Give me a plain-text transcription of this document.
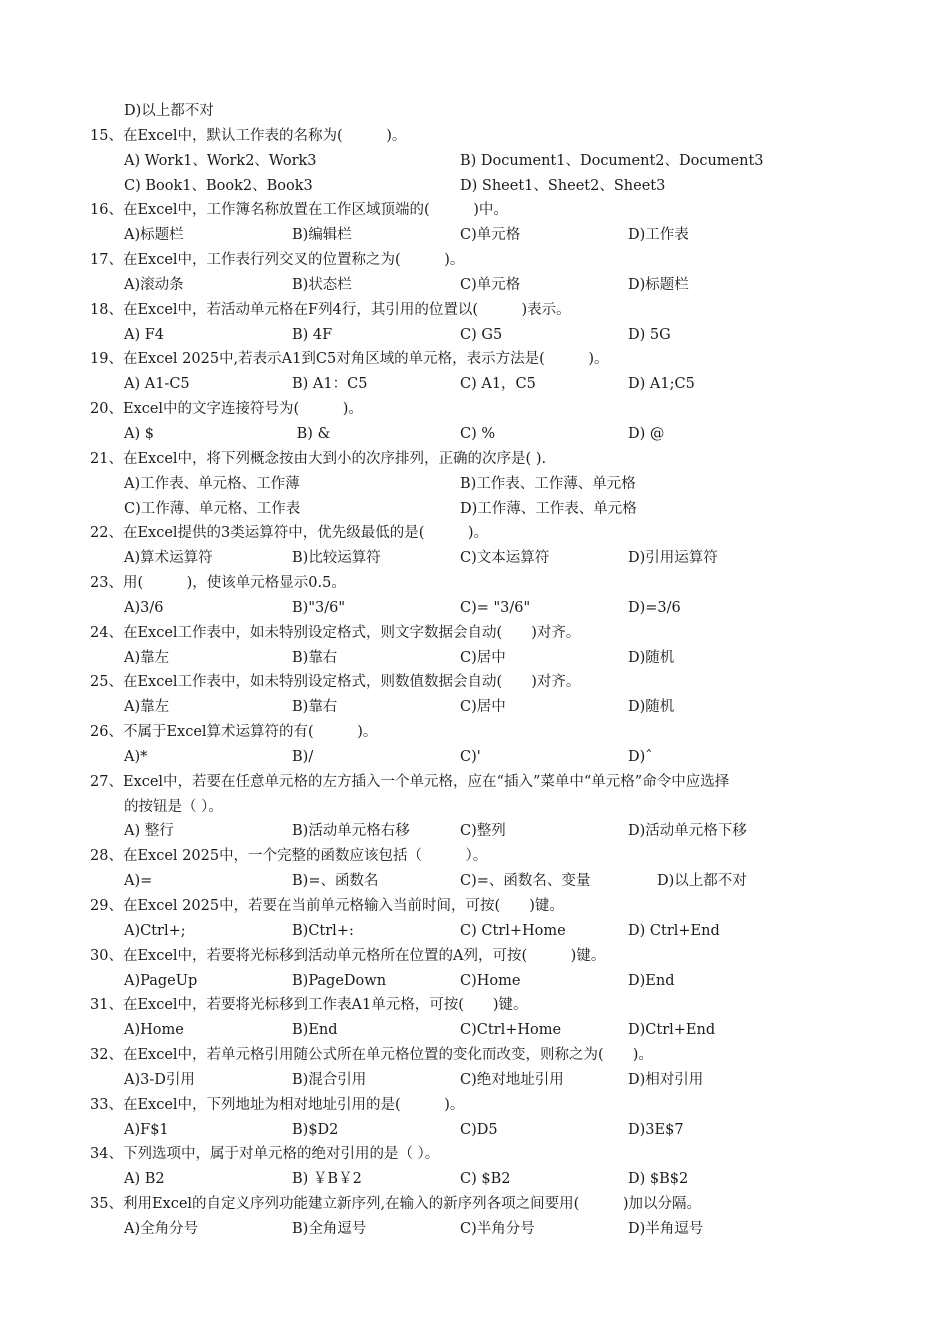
D)以上都不对
15、在Excel中，默认工作表的名称为(　　　)。
A) Work1、Work2、Work3	B) Document1、Document2、Document3
C) Book1、Book2、Book3	D) Sheet1、Sheet2、Sheet3
16、在Excel中，工作簿名称放置在工作区域顶端的(　　　)中。
A)标题栏	B)编辑栏	C)单元格	D)工作表
17、在Excel中，工作表行列交叉的位置称之为(　　　)。
A)滚动条	B)状态栏	C)单元格	D)标题栏
18、在Excel中，若活动单元格在F列4行，其引用的位置以(　　　)表示。
A) F4	B) 4F	C) G5	D) 5G
19、在Excel 2025中,若表示A1到C5对角区域的单元格，表示方法是(　　　)。
A) A1-C5	B) A1：C5	C) A1，C5	D) A1;C5
20、Excel中的文字连接符号为(　　　)。
A) $	B) &	C) %	D) @
21、在Excel中，将下列概念按由大到小的次序排列，正确的次序是( ).
A)工作表、单元格、工作薄	B)工作表、工作薄、单元格
C)工作薄、单元格、工作表	D)工作薄、工作表、单元格
22、在Excel提供的3类运算符中，优先级最低的是(　　　)。
A)算术运算符	B)比较运算符	C)文本运算符	D)引用运算符
23、用(　　　)，使该单元格显示0.5。
A)3/6	B)"3/6"	C)= "3/6"	D)=3/6
24、在Excel工作表中，如未特别设定格式，则文字数据会自动(　　)对齐。
A)靠左	B)靠右	C)居中	D)随机
25、在Excel工作表中，如未特别设定格式，则数值数据会自动(　　)对齐。
A)靠左	B)靠右	C)居中	D)随机
26、不属于Excel算术运算符的有(　　　)。
A)*	B)/	C)'	D)ˆ
27、Excel中，若要在任意单元格的左方插入一个单元格，应在“插入”菜单中“单元格”命令中应选择
的按钮是（ ）。
A) 整行	B)活动单元格右移	C)整列	D)活动单元格下移
28、在Excel 2025中，一个完整的函数应该包括（　　　）。
A)=	B)=、函数名	C)=、函数名、变量	　　D)以上都不对
29、在Excel 2025中，若要在当前单元格输入当前时间，可按(　　)键。
A)Ctrl+;	B)Ctrl+:	C) Ctrl+Home	D) Ctrl+End
30、在Excel中，若要将光标移到活动单元格所在位置的A列，可按(　　　)键。
A)PageUp	B)PageDown	C)Home	D)End
31、在Excel中，若要将光标移到工作表A1单元格，可按(　　)键。
A)Home	B)End	C)Ctrl+Home	D)Ctrl+End
32、在Excel中，若单元格引用随公式所在单元格位置的变化而改变，则称之为(　　)。
A)3-D引用	B)混合引用	C)绝对地址引用	D)相对引用
33、在Excel中，下列地址为相对地址引用的是(　　　)。
A)F$1	B)$D2	C)D5	D)3E$7
34、下列选项中，属于对单元格的绝对引用的是（ ）。
A) B2	B) ￥B￥2	C) $B2	D) $B$2
35、利用Excel的自定义序列功能建立新序列,在输入的新序列各项之间要用(　　　)加以分隔。
A)全角分号	B)全角逗号	C)半角分号	D)半角逗号
